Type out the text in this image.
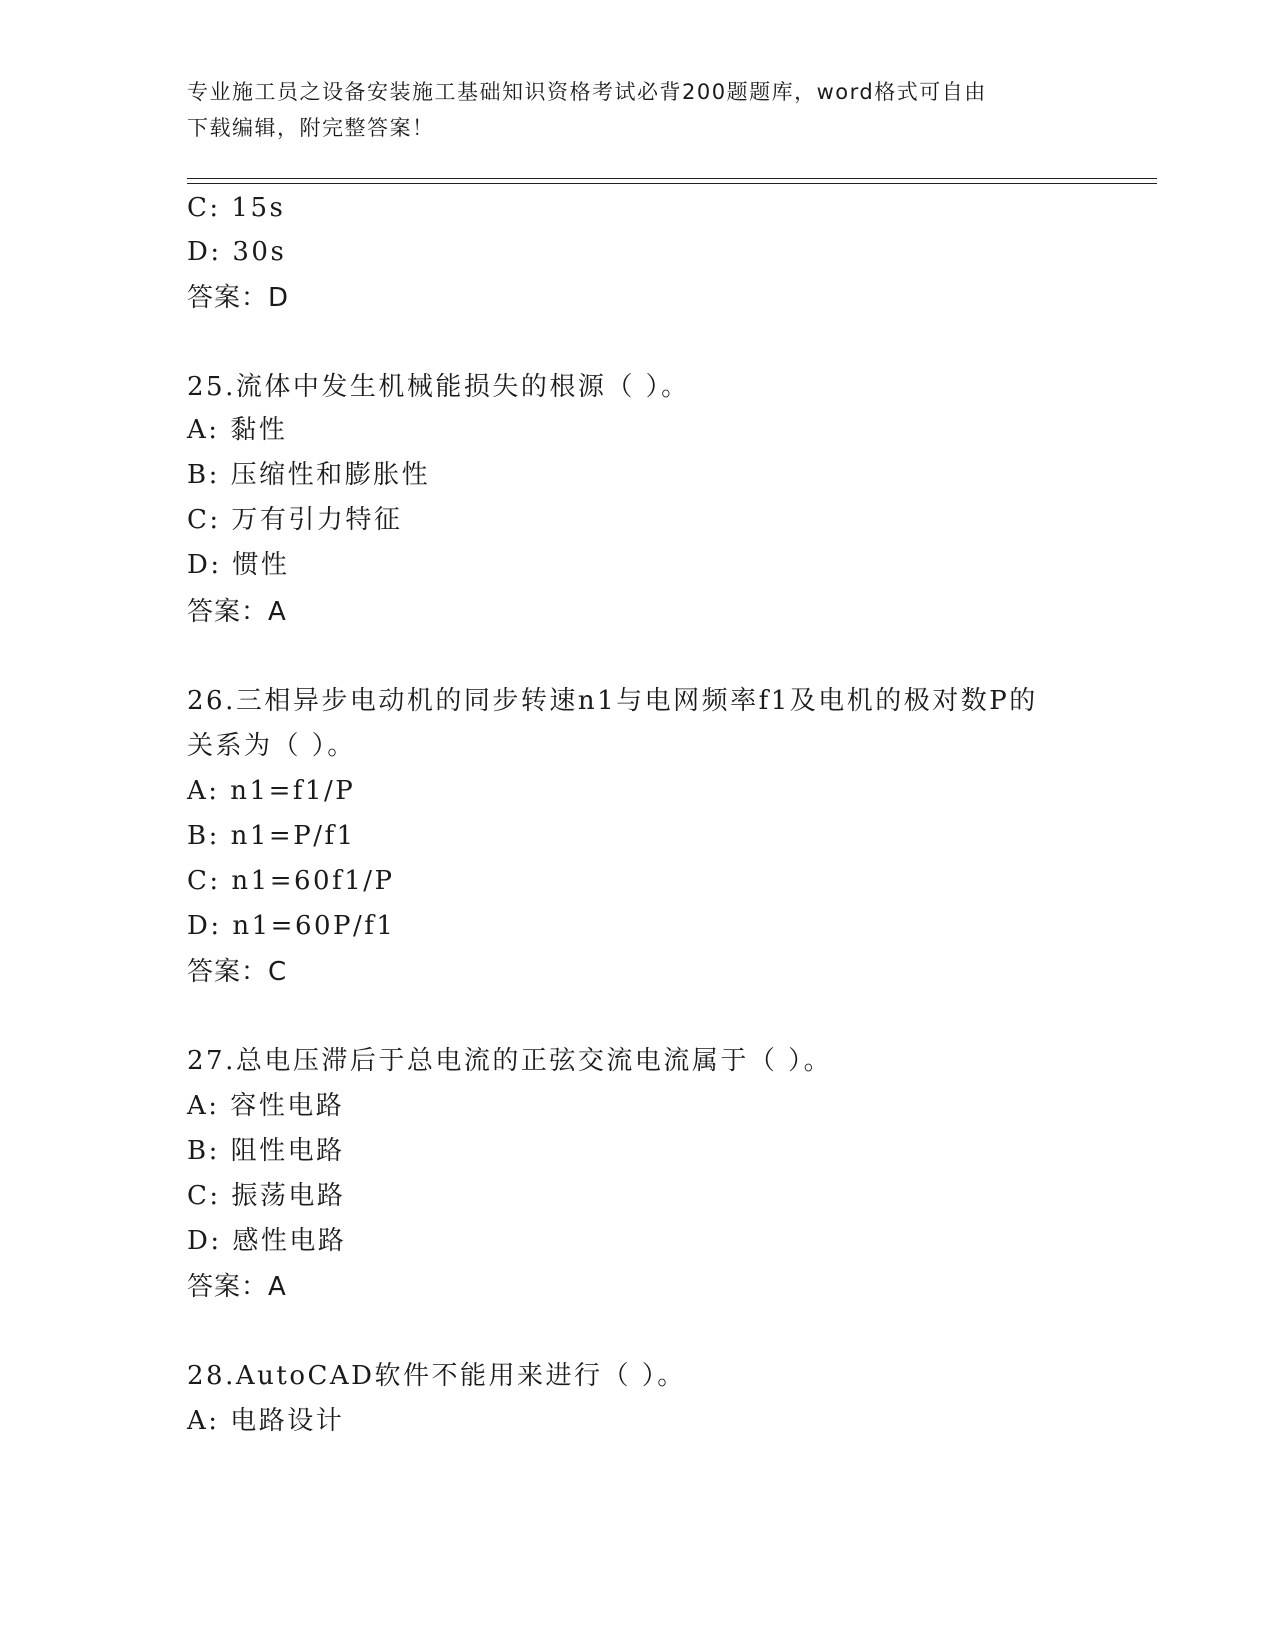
专业施工员之设备安装施工基础知识资格考试必背200题题库，word格式可自由
下载编辑，附完整答案！
C: 15s
D: 30s
答案：D
25.流体中发生机械能损失的根源（ ）。
A: 黏性
B: 压缩性和膨胀性
C: 万有引力特征
D: 惯性
答案：A
26.三相异步电动机的同步转速n1与电网频率f1及电机的极对数P的
关系为（ ）。
A: n1=f1/P
B: n1=P/f1
C: n1=60f1/P
D: n1=60P/f1
答案：C
27.总电压滞后于总电流的正弦交流电流属于（ ）。
A: 容性电路
B: 阻性电路
C: 振荡电路
D: 感性电路
答案：A
28.AutoCAD软件不能用来进行（ ）。
A: 电路设计
